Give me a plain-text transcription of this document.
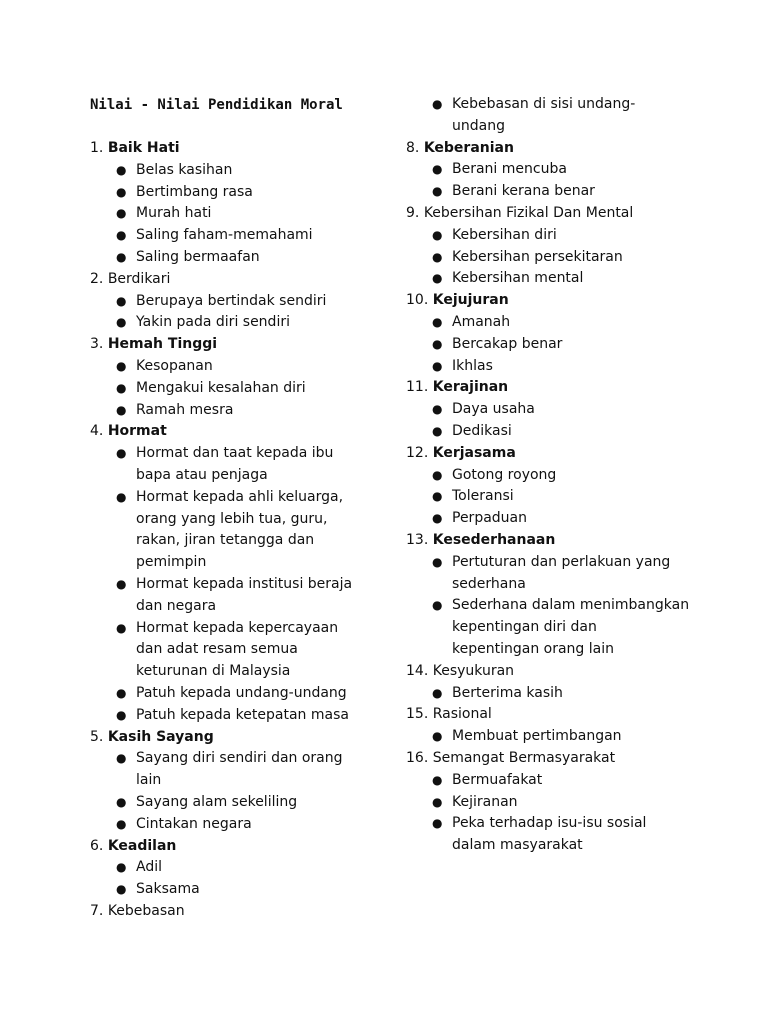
Nilai - Nilai Pendidikan Moral
1. Baik Hati
● Belas kasihan
● Bertimbang rasa
● Murah hati
● Saling faham-memahami
● Saling bermaafan
2. Berdikari
● Berupaya bertindak sendiri
● Yakin pada diri sendiri
3. Hemah Tinggi
● Kesopanan
● Mengakui kesalahan diri
● Ramah mesra
4. Hormat
● Hormat dan taat kepada ibu
bapa atau penjaga
● Hormat kepada ahli keluarga,
orang yang lebih tua, guru,
rakan, jiran tetangga dan
pemimpin
● Hormat kepada institusi beraja
dan negara
● Hormat kepada kepercayaan
dan adat resam semua
keturunan di Malaysia
● Patuh kepada undang-undang
● Patuh kepada ketepatan masa
5. Kasih Sayang
● Sayang diri sendiri dan orang
lain
● Sayang alam sekeliling
● Cintakan negara
6. Keadilan
● Adil
● Saksama
7. Kebebasan
● Kebebasan di sisi undang-
undang
8. Keberanian
● Berani mencuba
● Berani kerana benar
9. Kebersihan Fizikal Dan Mental
● Kebersihan diri
● Kebersihan persekitaran
● Kebersihan mental
10. Kejujuran
● Amanah
● Bercakap benar
● Ikhlas
11. Kerajinan
● Daya usaha
● Dedikasi
12. Kerjasama
● Gotong royong
● Toleransi
● Perpaduan
13. Kesederhanaan
● Pertuturan dan perlakuan yang
sederhana
● Sederhana dalam menimbangkan
kepentingan diri dan
kepentingan orang lain
14. Kesyukuran
● Berterima kasih
15. Rasional
● Membuat pertimbangan
16. Semangat Bermasyarakat
● Bermuafakat
● Kejiranan
● Peka terhadap isu-isu sosial
dalam masyarakat
